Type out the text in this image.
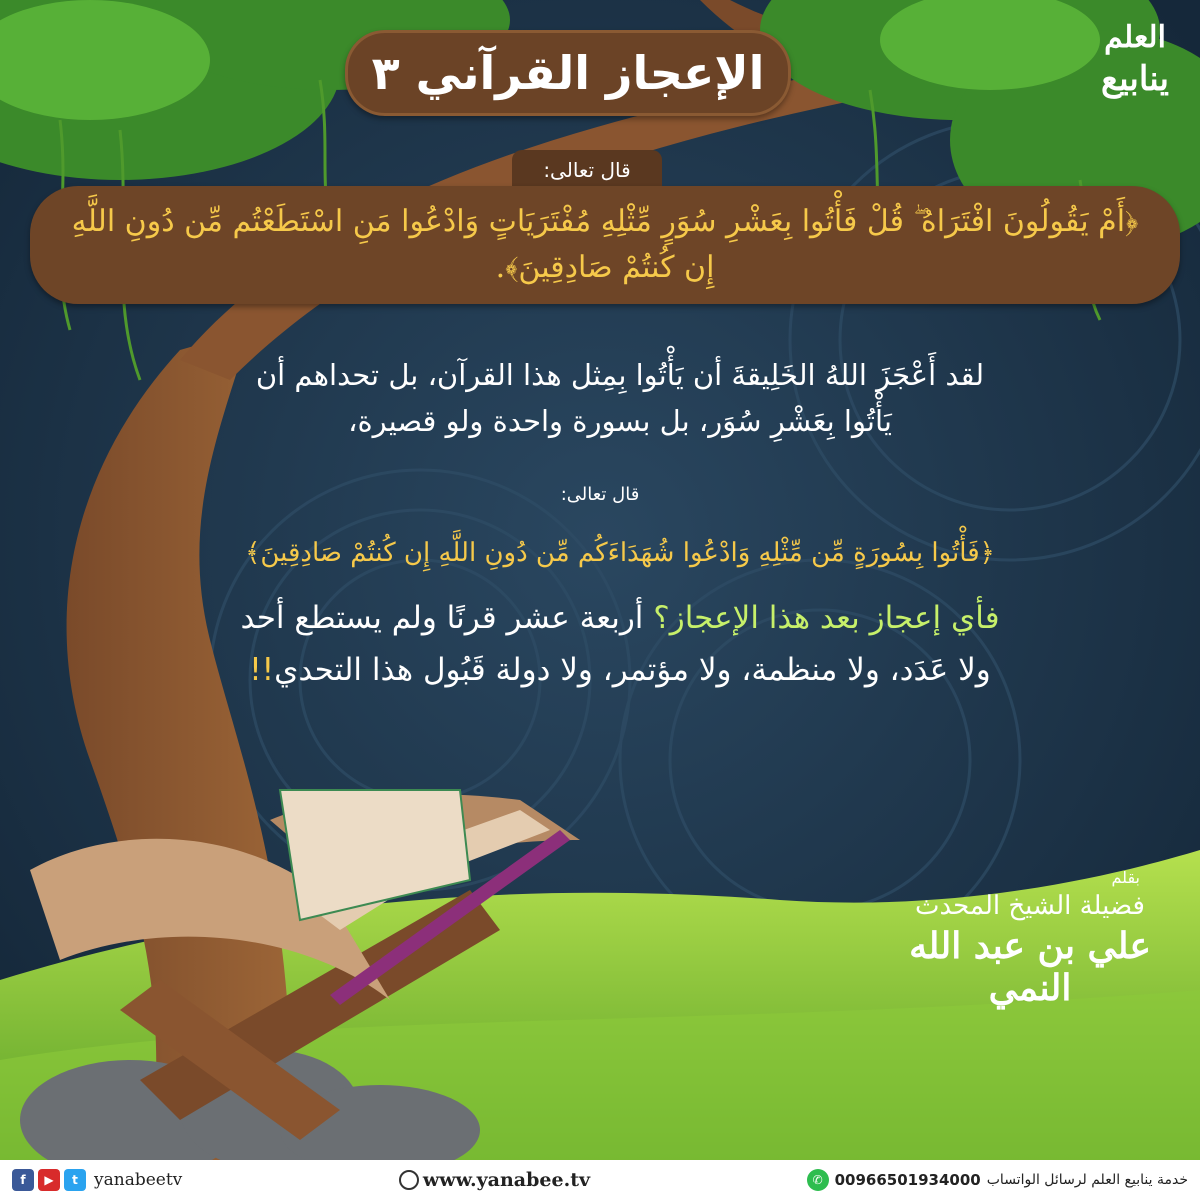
العلم
ينابيع
الإعجاز القرآني ٣
قال تعالى:
﴿أَمْ يَقُولُونَ افْتَرَاهُ ۖ قُلْ فَأْتُوا بِعَشْرِ سُوَرٍ مِّثْلِهِ مُفْتَرَيَاتٍ وَادْعُوا مَنِ اسْتَطَعْتُم مِّن دُونِ اللَّهِ إِن كُنتُمْ صَادِقِينَ﴾.
لقد أَعْجَزَ اللهُ الخَلِيقةَ أن يَأْتُوا بِمِثل هذا القرآن، بل تحداهم أن يَأْتُوا بِعَشْرِ سُوَر، بل بسورة واحدة ولو قصيرة،
قال تعالى:
﴿فَأْتُوا بِسُورَةٍ مِّن مِّثْلِهِ وَادْعُوا شُهَدَاءَكُم مِّن دُونِ اللَّهِ إِن كُنتُمْ صَادِقِينَ﴾
فأي إعجاز بعد هذا الإعجاز؟ أربعة عشر قرنًا ولم يستطع أحد ولا عَدَد، ولا منظمة، ولا مؤتمر، ولا دولة قَبُول هذا التحدي!!
بقلم
فضيلة الشيخ المحدث
علي بن عبد الله النمي
f	▶	t yanabeetv	www.yanabee.tv	خدمة ينابيع العلم لرسائل الواتساب
00966501934000
✆
